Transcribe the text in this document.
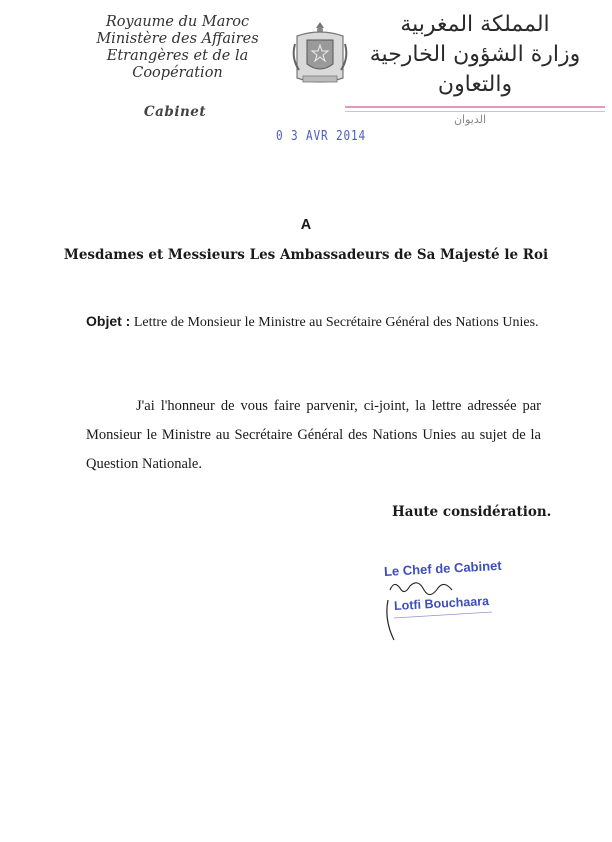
Royaume du Maroc
Ministère des Affaires
Etrangères et de la
Coopération
Cabinet
المملكة المغربية
وزارة الشؤون الخارجية
والتعاون
الديوان
0 3 AVR 2014
A
Mesdames et Messieurs Les Ambassadeurs de Sa Majesté le Roi
Objet : Lettre de Monsieur le Ministre au Secrétaire Général des Nations Unies.
J'ai l'honneur de vous faire parvenir, ci-joint, la lettre adressée par Monsieur le Ministre au Secrétaire Général des Nations Unies au sujet de la Question Nationale.
Haute considération.
Le Chef de Cabinet
Lotfi Bouchaara
